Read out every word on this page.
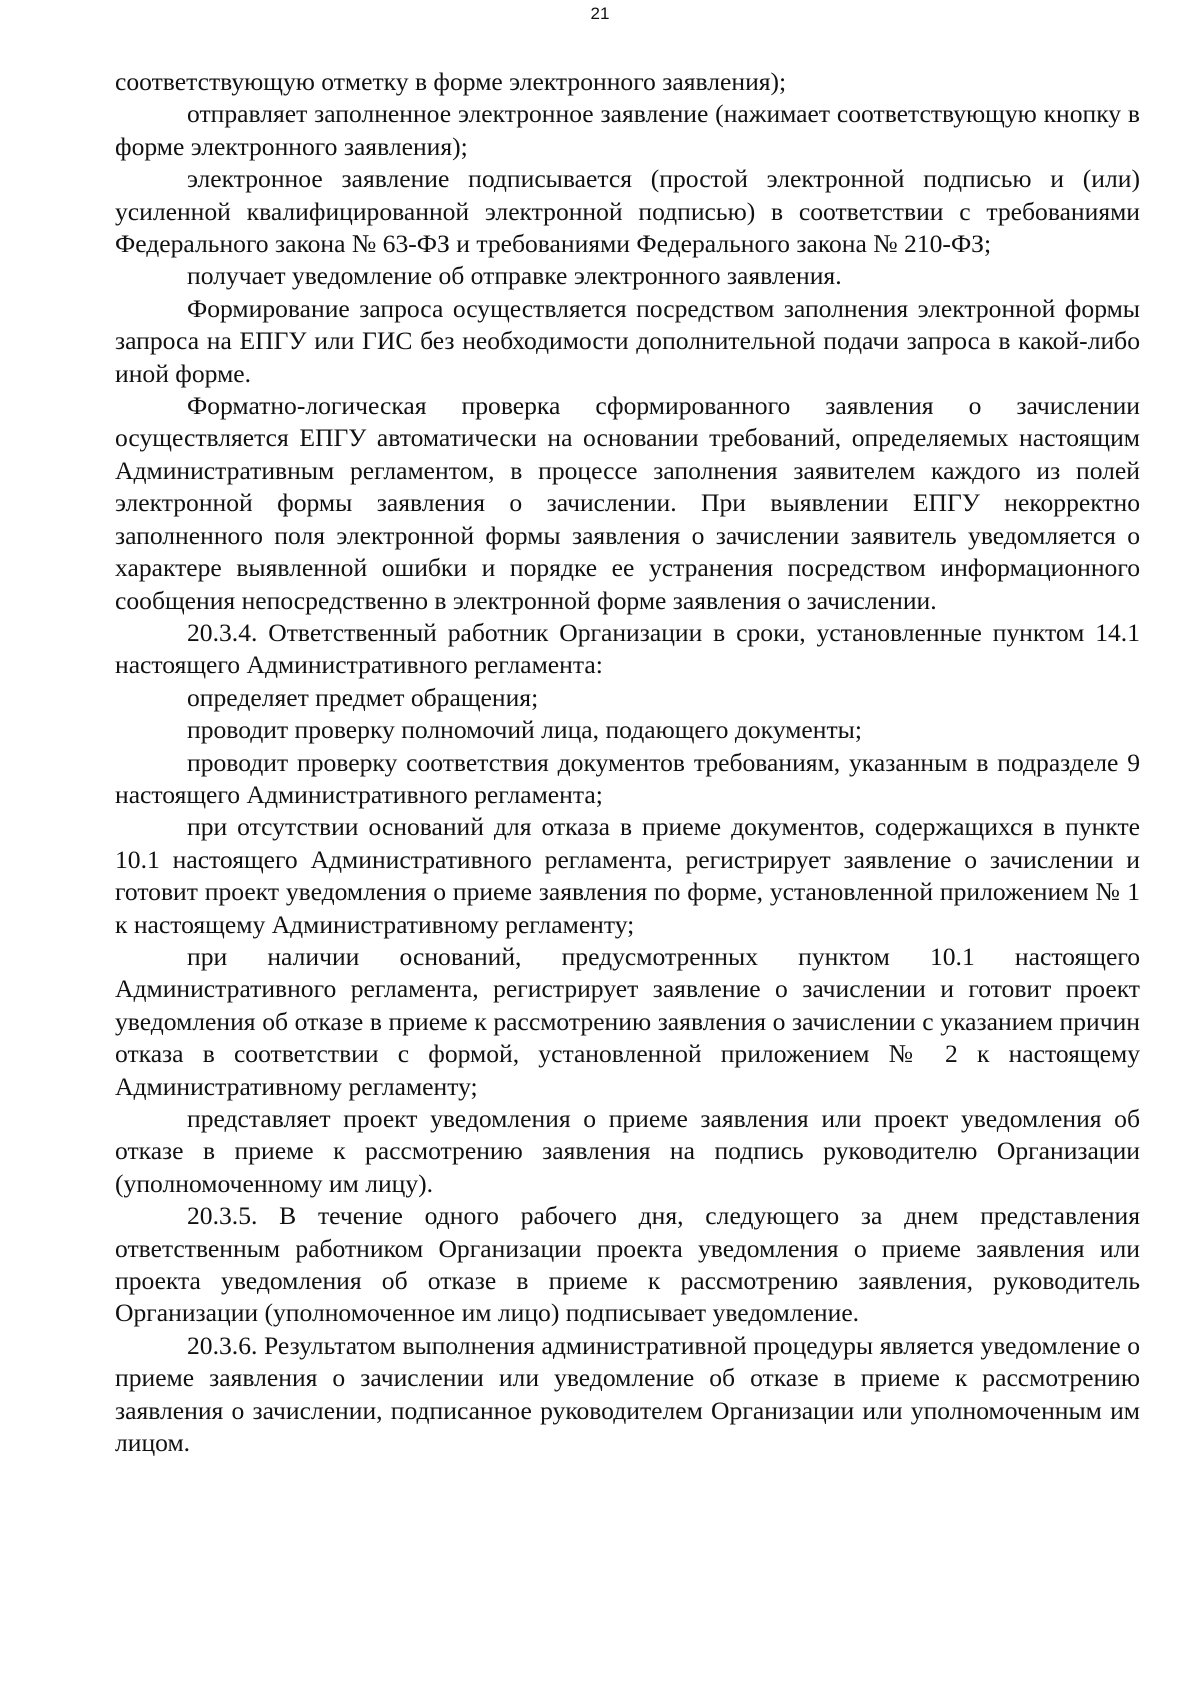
21

соответствующую отметку в форме электронного заявления);

отправляет заполненное электронное заявление (нажимает соответствующую кнопку в форме электронного заявления);

электронное заявление подписывается (простой электронной подписью и (или) усиленной квалифицированной электронной подписью) в соответствии с требованиями Федерального закона № 63-ФЗ и требованиями Федерального закона № 210-ФЗ;

получает уведомление об отправке электронного заявления.

Формирование запроса осуществляется посредством заполнения электронной формы запроса на ЕПГУ или ГИС без необходимости дополнительной подачи запроса в какой-либо иной форме.

Форматно-логическая проверка сформированного заявления о зачислении осуществляется ЕПГУ автоматически на основании требований, определяемых настоящим Административным регламентом, в процессе заполнения заявителем каждого из полей электронной формы заявления о зачислении. При выявлении ЕПГУ некорректно заполненного поля электронной формы заявления о зачислении заявитель уведомляется о характере выявленной ошибки и порядке ее устранения посредством информационного сообщения непосредственно в электронной форме заявления о зачислении.

20.3.4. Ответственный работник Организации в сроки, установленные пунктом 14.1 настоящего Административного регламента:

определяет предмет обращения;

проводит проверку полномочий лица, подающего документы;

проводит проверку соответствия документов требованиям, указанным в подразделе 9 настоящего Административного регламента;

при отсутствии оснований для отказа в приеме документов, содержащихся в пункте 10.1 настоящего Административного регламента, регистрирует заявление о зачислении и готовит проект уведомления о приеме заявления по форме, установленной приложением № 1 к настоящему Административному регламенту;

при наличии оснований, предусмотренных пунктом 10.1 настоящего Административного регламента, регистрирует заявление о зачислении и готовит проект уведомления об отказе в приеме к рассмотрению заявления о зачислении с указанием причин отказа в соответствии с формой, установленной приложением № 2 к настоящему Административному регламенту;

представляет проект уведомления о приеме заявления или проект уведомления об отказе в приеме к рассмотрению заявления на подпись руководителю Организации (уполномоченному им лицу).

20.3.5. В течение одного рабочего дня, следующего за днем представления ответственным работником Организации проекта уведомления о приеме заявления или проекта уведомления об отказе в приеме к рассмотрению заявления, руководитель Организации (уполномоченное им лицо) подписывает уведомление.

20.3.6. Результатом выполнения административной процедуры является уведомление о приеме заявления о зачислении или уведомление об отказе в приеме к рассмотрению заявления о зачислении, подписанное руководителем Организации или уполномоченным им лицом.
